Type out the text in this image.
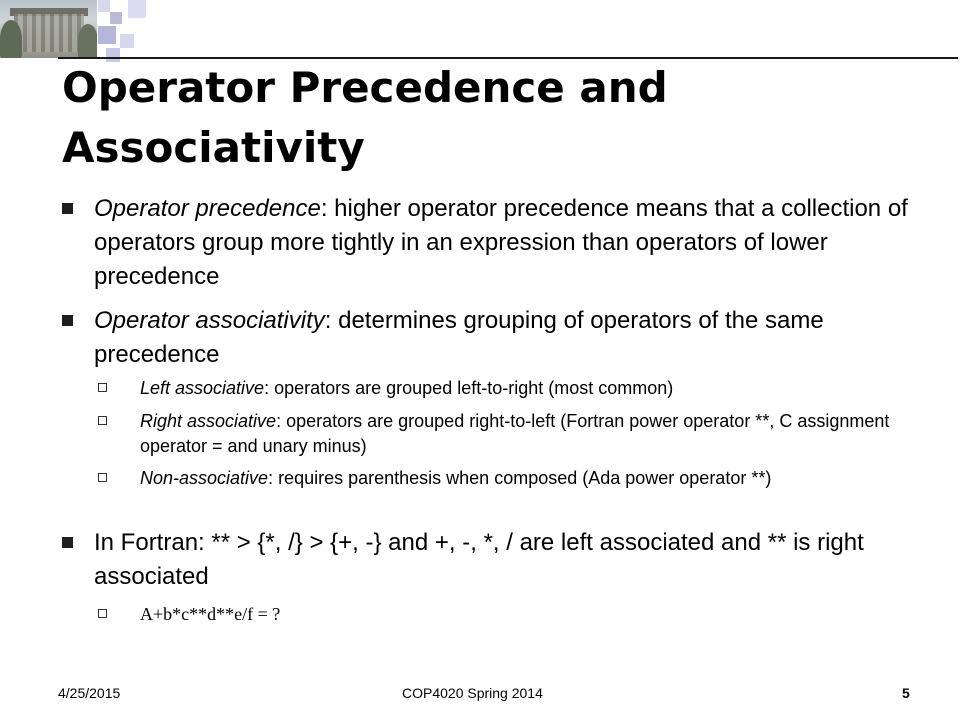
Operator Precedence and Associativity
Operator precedence: higher operator precedence means that a collection of operators group more tightly in an expression than operators of lower precedence
Operator associativity: determines grouping of operators of the same precedence
Left associative: operators are grouped left-to-right (most common)
Right associative: operators are grouped right-to-left (Fortran power operator **, C assignment operator = and unary minus)
Non-associative: requires parenthesis when composed (Ada power operator **)
In Fortran: ** > {*, /} > {+, -} and +, -, *, / are left associated and ** is right associated
A+b*c**d**e/f = ?
4/25/2015	COP4020 Spring 2014	5
